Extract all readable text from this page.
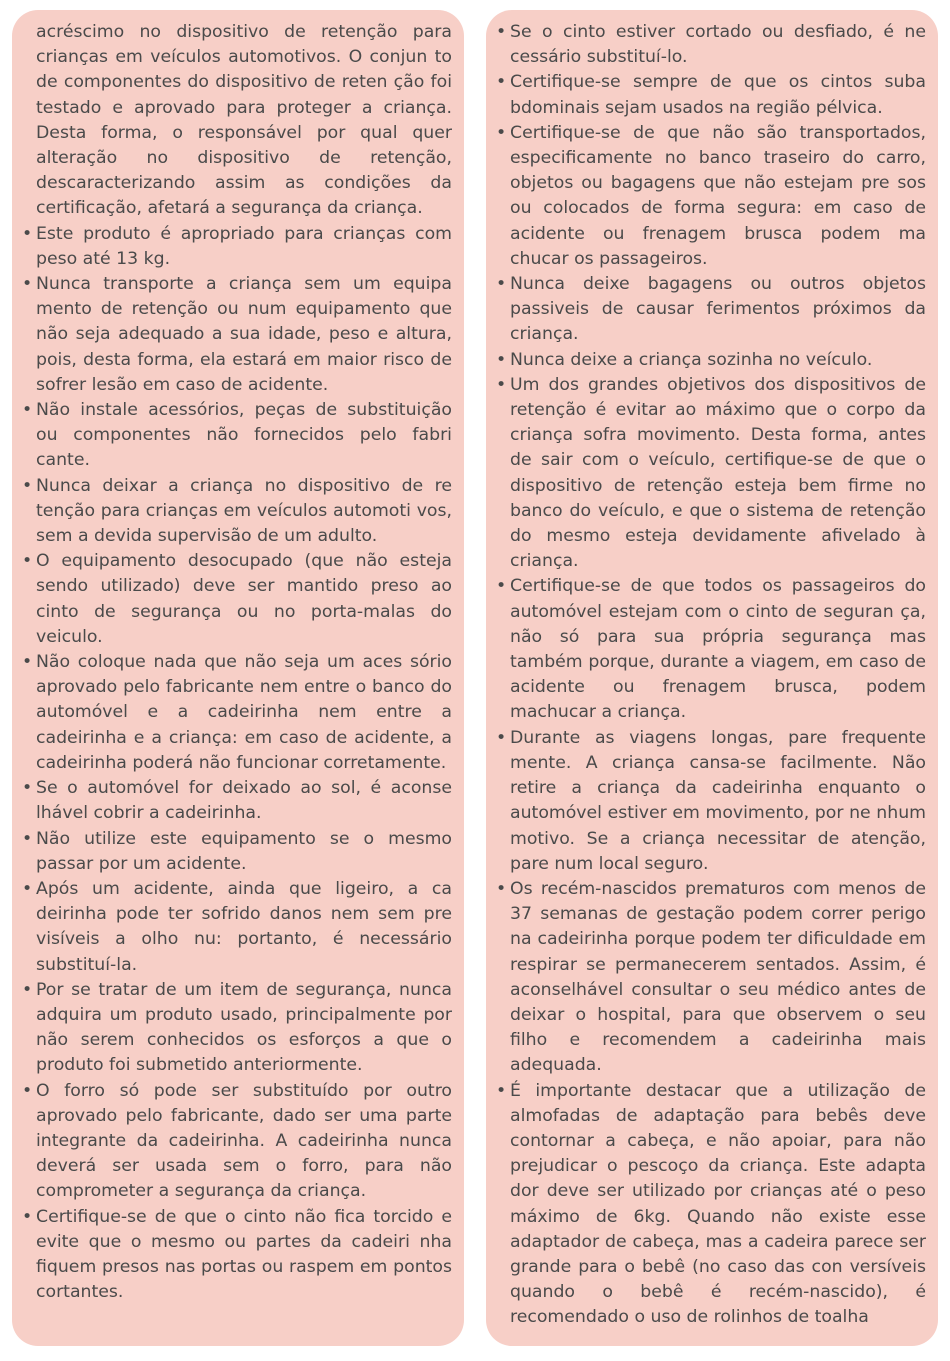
acréscimo no dispositivo de retenção para crianças em veículos automotivos. O conjun to de componentes do dispositivo de reten ção foi testado e aprovado para proteger a criança. Desta forma, o responsável por qual quer alteração no dispositivo de retenção, descaracterizando assim as condições da certificação, afetará a segurança da criança.

• Este produto é apropriado para crianças com peso até 13 kg.
• Nunca transporte a criança sem um equipa mento de retenção ou num equipamento que não seja adequado a sua idade, peso e altura, pois, desta forma, ela estará em maior risco de sofrer lesão em caso de acidente.
• Não instale acessórios, peças de substituição ou componentes não fornecidos pelo fabri cante.
• Nunca deixar a criança no dispositivo de re tenção para crianças em veículos automoti vos, sem a devida supervisão de um adulto.
• O equipamento desocupado (que não esteja sendo utilizado) deve ser mantido preso ao cinto de segurança ou no porta-malas do veiculo.
• Não coloque nada que não seja um aces sório aprovado pelo fabricante nem entre o banco do automóvel e a cadeirinha nem entre a cadeirinha e a criança: em caso de acidente, a cadeirinha poderá não funcionar corretamente.
• Se o automóvel for deixado ao sol, é aconse lhável cobrir a cadeirinha.
• Não utilize este equipamento se o mesmo passar por um acidente.
• Após um acidente, ainda que ligeiro, a ca deirinha pode ter sofrido danos nem sem pre visíveis a olho nu: portanto, é necessário substituí-la.
• Por se tratar de um item de segurança, nunca adquira um produto usado, principalmente por não serem conhecidos os esforços a que o produto foi submetido anteriormente.
• O forro só pode ser substituído por outro aprovado pelo fabricante, dado ser uma parte integrante da cadeirinha. A cadeirinha nunca deverá ser usada sem o forro, para não comprometer a segurança da criança.
• Certifique-se de que o cinto não fica torcido e evite que o mesmo ou partes da cadeiri nha fiquem presos nas portas ou raspem em pontos cortantes.
• Se o cinto estiver cortado ou desfiado, é ne cessário substituí-lo.
• Certifique-se sempre de que os cintos suba bdominais sejam usados na região pélvica.
• Certifique-se de que não são transportados, especificamente no banco traseiro do carro, objetos ou bagagens que não estejam pre sos ou colocados de forma segura: em caso de acidente ou frenagem brusca podem ma chucar os passageiros.
• Nunca deixe bagagens ou outros objetos passiveis de causar ferimentos próximos da criança.
• Nunca deixe a criança sozinha no veículo.
• Um dos grandes objetivos dos dispositivos de retenção é evitar ao máximo que o corpo da criança sofra movimento. Desta forma, antes de sair com o veículo, certifique-se de que o dispositivo de retenção esteja bem firme no banco do veículo, e que o sistema de retenção do mesmo esteja devidamente afivelado à criança.
• Certifique-se de que todos os passageiros do automóvel estejam com o cinto de seguran ça, não só para sua própria segurança mas também porque, durante a viagem, em caso de acidente ou frenagem brusca, podem machucar a criança.
• Durante as viagens longas, pare frequente mente. A criança cansa-se facilmente. Não retire a criança da cadeirinha enquanto o automóvel estiver em movimento, por ne nhum motivo. Se a criança necessitar de atenção, pare num local seguro.
• Os recém-nascidos prematuros com menos de 37 semanas de gestação podem correr perigo na cadeirinha porque podem ter dificuldade em respirar se permanecerem sentados. Assim, é aconselhável consultar o seu médico antes de deixar o hospital, para que observem o seu filho e recomendem a cadeirinha mais adequada.
• É importante destacar que a utilização de almofadas de adaptação para bebês deve contornar a cabeça, e não apoiar, para não prejudicar o pescoço da criança. Este adapta dor deve ser utilizado por crianças até o peso máximo de 6kg. Quando não existe esse adaptador de cabeça, mas a cadeira parece ser grande para o bebê (no caso das con versíveis quando o bebê é recém-nascido), é recomendado o uso de rolinhos de toalha
